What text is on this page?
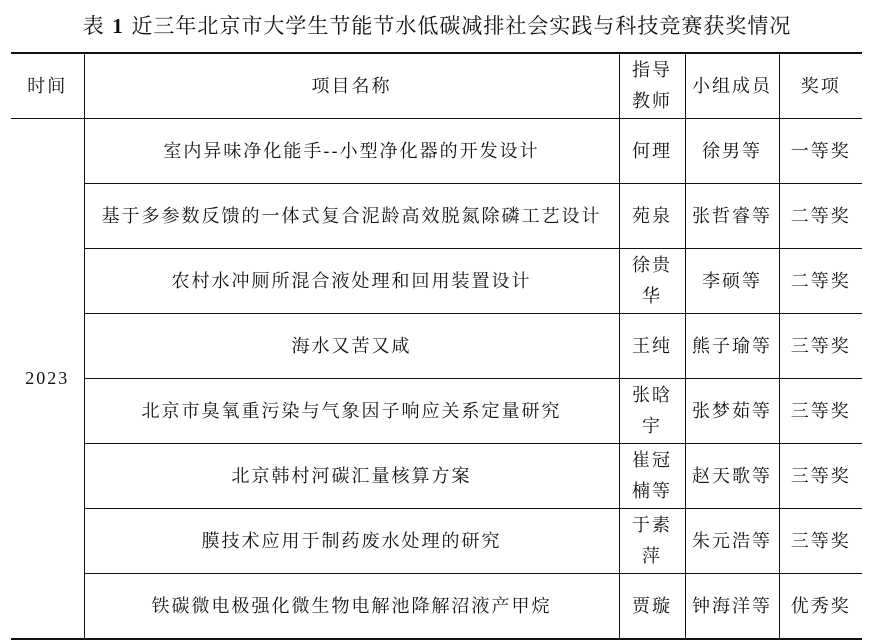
表 1 近三年北京市大学生节能节水低碳减排社会实践与科技竞赛获奖情况
时间	项目名称	指导教师	小组成员	奖项
2023	室内异味净化能手--小型净化器的开发设计	何理	徐男等	一等奖

	基于多参数反馈的一体式复合泥龄高效脱氮除磷工艺设计	苑泉	张哲睿等	二等奖

	农村水冲厕所混合液处理和回用装置设计	徐贵华	李硕等	二等奖

	海水又苦又咸	王纯	熊子瑜等	三等奖

	北京市臭氧重污染与气象因子响应关系定量研究	张晗宇	张梦茹等	三等奖

	北京韩村河碳汇量核算方案	崔冠楠等	赵天歌等	三等奖

	膜技术应用于制药废水处理的研究	于素萍	朱元浩等	三等奖

	铁碳微电极强化微生物电解池降解沼液产甲烷	贾璇	钟海洋等	优秀奖
